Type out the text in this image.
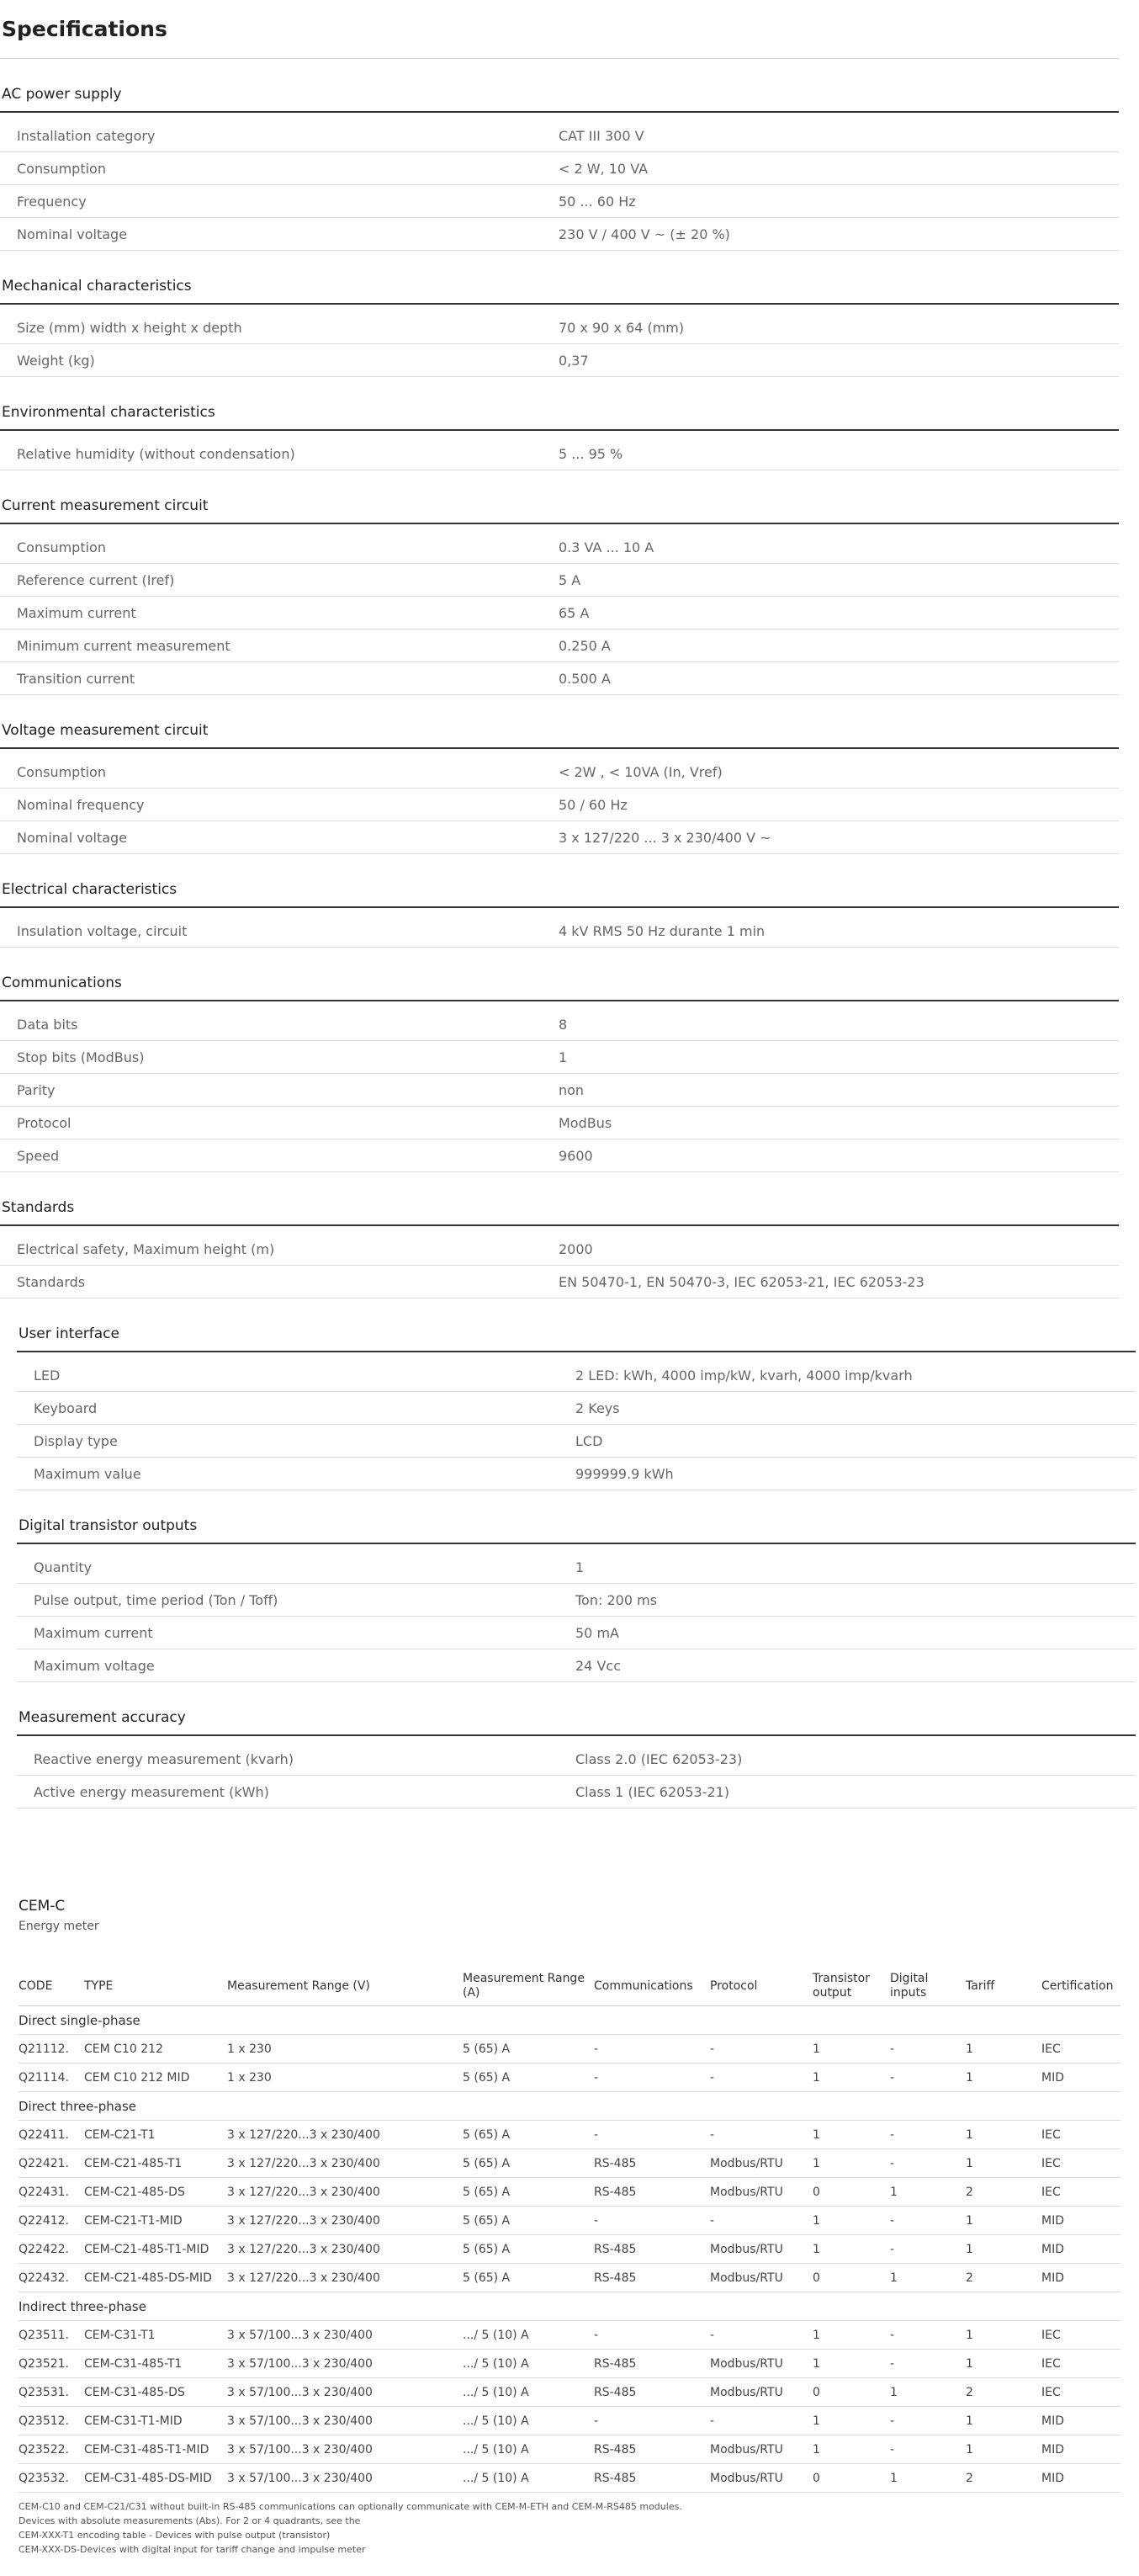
Specifications
AC power supply
Installation category	CAT III 300 V
Consumption	< 2 W, 10 VA
Frequency	50 ... 60 Hz
Nominal voltage	230 V / 400 V ~ (± 20 %)
Mechanical characteristics
Size (mm) width x height x depth	70 x 90 x 64 (mm)
Weight (kg)	0,37
Environmental characteristics
Relative humidity (without condensation)	5 ... 95 %
Current measurement circuit
Consumption	0.3 VA ... 10 A
Reference current (Iref)	5 A
Maximum current	65 A
Minimum current measurement	0.250 A
Transition current	0.500 A
Voltage measurement circuit
Consumption	< 2W , < 10VA (In, Vref)
Nominal frequency	50 / 60 Hz
Nominal voltage	3 x 127/220 ... 3 x 230/400 V ~
Electrical characteristics
Insulation voltage, circuit	4 kV RMS 50 Hz durante 1 min
Communications
Data bits	8
Stop bits (ModBus)	1
Parity	non
Protocol	ModBus
Speed	9600
Standards
Electrical safety, Maximum height (m)	2000
Standards	EN 50470-1, EN 50470-3, IEC 62053-21, IEC 62053-23
User interface
LED	2 LED: kWh, 4000 imp/kW, kvarh, 4000 imp/kvarh
Keyboard	2 Keys
Display type	LCD
Maximum value	999999.9 kWh
Digital transistor outputs
Quantity	1
Pulse output, time period (Ton / Toff)	Ton: 200 ms
Maximum current	50 mA
Maximum voltage	24 Vcc
Measurement accuracy
Reactive energy measurement (kvarh)	Class 2.0 (IEC 62053-23)
Active energy measurement (kWh)	Class 1 (IEC 62053-21)
CEM-C
Energy meter
CODE	TYPE	Measurement Range (V)	Measurement Range (A)	Communications	Protocol	Transistor output	Digital inputs	Tariff	Certification
Direct single-phase									
Q21112.	CEM C10 212	1 x 230	5 (65) A	-	-	1	-	1	IEC
Q21114.	CEM C10 212 MID	1 x 230	5 (65) A	-	-	1	-	1	MID
Direct three-phase									
Q22411.	CEM-C21-T1	3 x 127/220...3 x 230/400	5 (65) A	-	-	1	-	1	IEC
Q22421.	CEM-C21-485-T1	3 x 127/220...3 x 230/400	5 (65) A	RS-485	Modbus/RTU	1	-	1	IEC
Q22431.	CEM-C21-485-DS	3 x 127/220...3 x 230/400	5 (65) A	RS-485	Modbus/RTU	0	1	2	IEC
Q22412.	CEM-C21-T1-MID	3 x 127/220...3 x 230/400	5 (65) A	-	-	1	-	1	MID
Q22422.	CEM-C21-485-T1-MID	3 x 127/220...3 x 230/400	5 (65) A	RS-485	Modbus/RTU	1	-	1	MID
Q22432.	CEM-C21-485-DS-MID	3 x 127/220...3 x 230/400	5 (65) A	RS-485	Modbus/RTU	0	1	2	MID
Indirect three-phase									
Q23511.	CEM-C31-T1	3 x 57/100...3 x 230/400	.../ 5 (10) A	-	-	1	-	1	IEC
Q23521.	CEM-C31-485-T1	3 x 57/100...3 x 230/400	.../ 5 (10) A	RS-485	Modbus/RTU	1	-	1	IEC
Q23531.	CEM-C31-485-DS	3 x 57/100...3 x 230/400	.../ 5 (10) A	RS-485	Modbus/RTU	0	1	2	IEC
Q23512.	CEM-C31-T1-MID	3 x 57/100...3 x 230/400	.../ 5 (10) A	-	-	1	-	1	MID
Q23522.	CEM-C31-485-T1-MID	3 x 57/100...3 x 230/400	.../ 5 (10) A	RS-485	Modbus/RTU	1	-	1	MID
Q23532.	CEM-C31-485-DS-MID	3 x 57/100...3 x 230/400	.../ 5 (10) A	RS-485	Modbus/RTU	0	1	2	MID
CEM-C10 and CEM-C21/C31 without built-in RS-485 communications can optionally communicate with CEM-M-ETH and CEM-M-RS485 modules.
Devices with absolute measurements (Abs). For 2 or 4 quadrants, see the
CEM-XXX-T1 encoding table - Devices with pulse output (transistor)
CEM-XXX-DS-Devices with digital input for tariff change and impulse meter
